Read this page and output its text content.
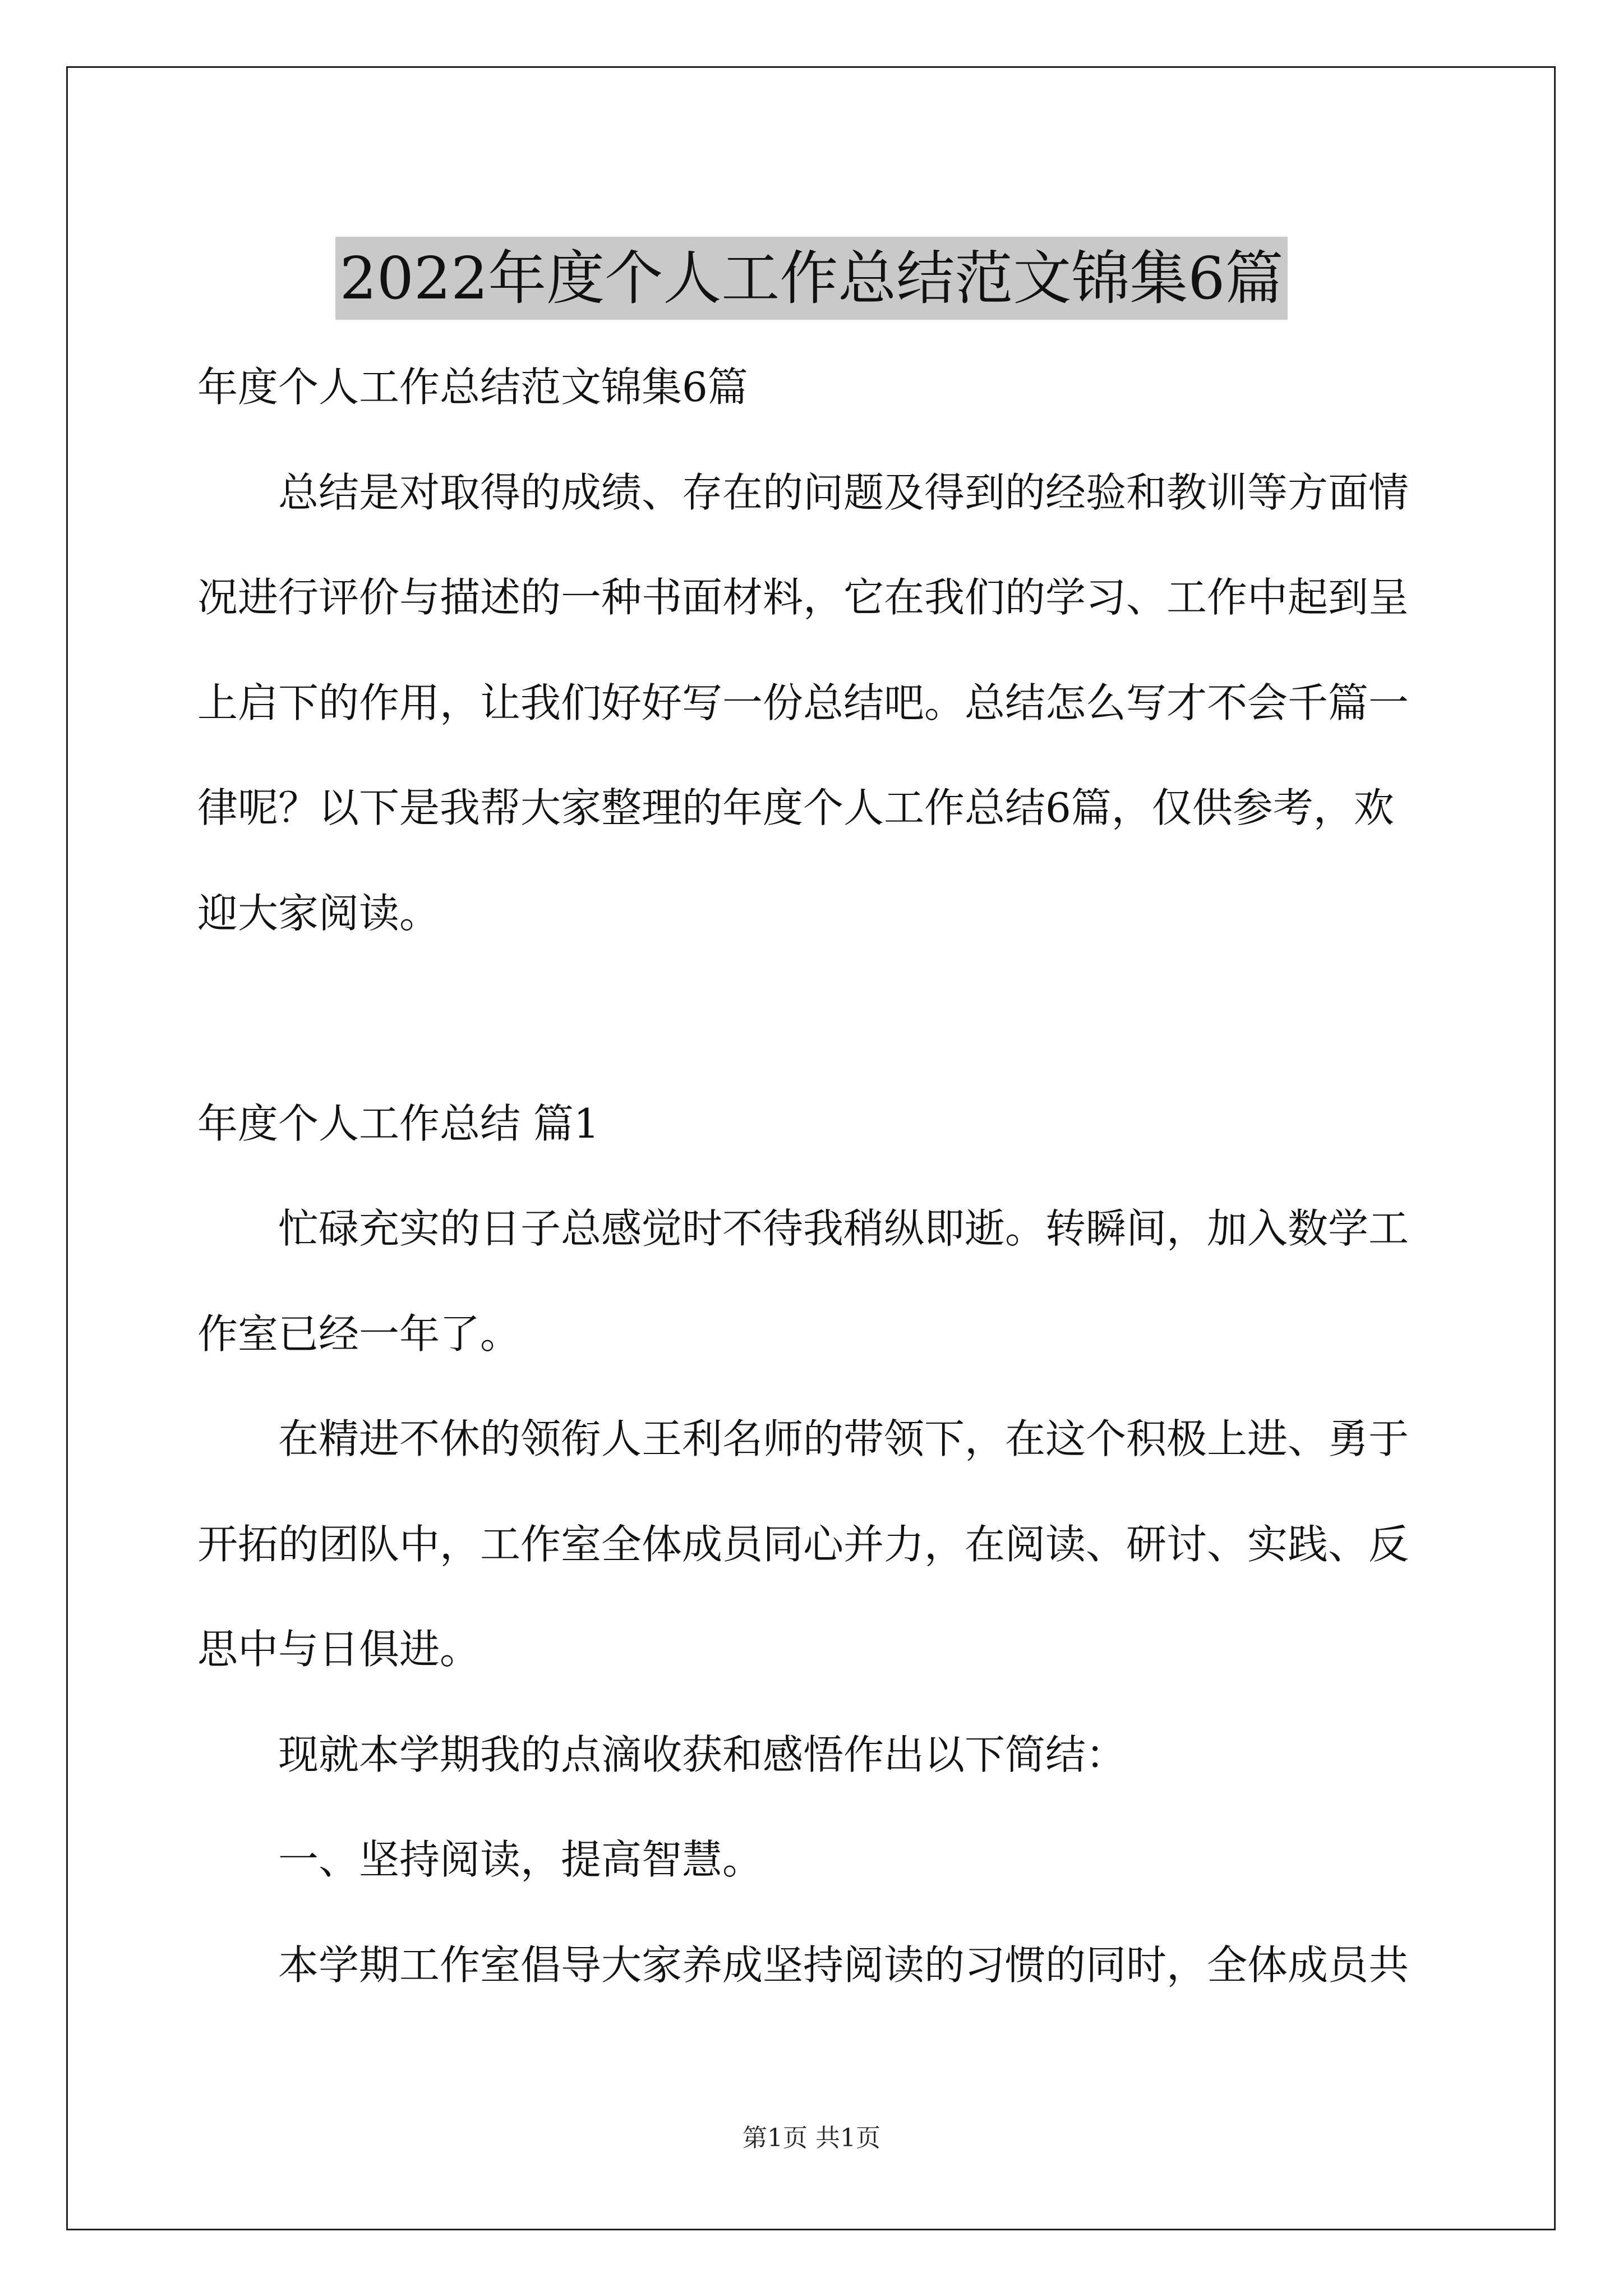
2022年度个人工作总结范文锦集6篇
年度个人工作总结范文锦集6篇
总结是对取得的成绩、存在的问题及得到的经验和教训等方面情
况进行评价与描述的一种书面材料，它在我们的学习、工作中起到呈
上启下的作用，让我们好好写一份总结吧。总结怎么写才不会千篇一
律呢？以下是我帮大家整理的年度个人工作总结6篇，仅供参考，欢
迎大家阅读。
年度个人工作总结 篇1
忙碌充实的日子总感觉时不待我稍纵即逝。转瞬间，加入数学工
作室已经一年了。
在精进不休的领衔人王利名师的带领下，在这个积极上进、勇于
开拓的团队中，工作室全体成员同心并力，在阅读、研讨、实践、反
思中与日俱进。
现就本学期我的点滴收获和感悟作出以下简结：
一、坚持阅读，提高智慧。
本学期工作室倡导大家养成坚持阅读的习惯的同时，全体成员共
第1页 共1页
